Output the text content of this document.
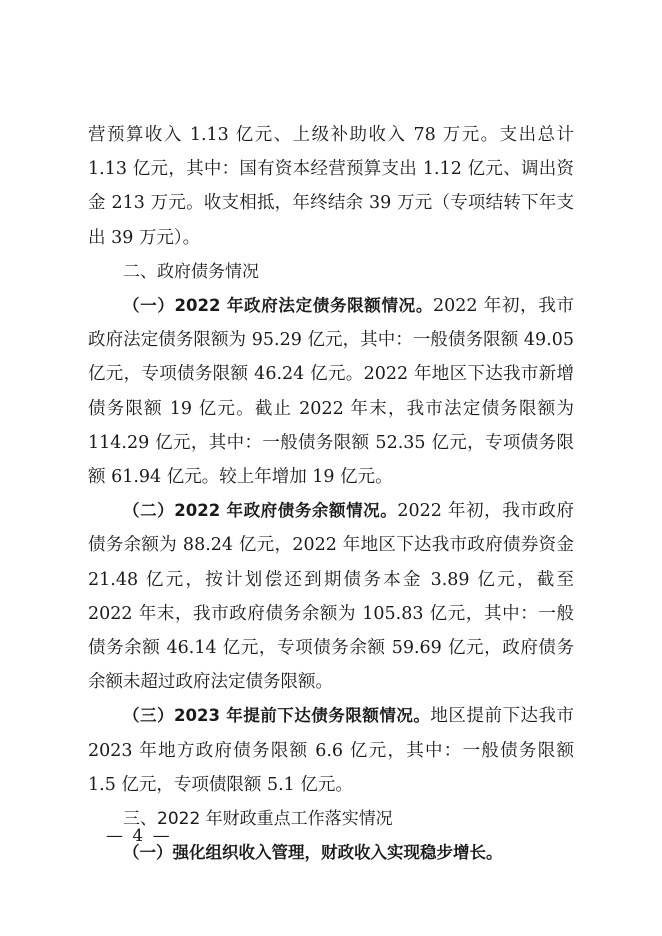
营预算收入 1.13 亿元、上级补助收入 78 万元。支出总计 1.13 亿元，其中：国有资本经营预算支出 1.12 亿元、调出资金 213 万元。收支相抵，年终结余 39 万元（专项结转下年支出 39 万元）。

二、政府债务情况

（一）2022 年政府法定债务限额情况。2022 年初，我市政府法定债务限额为 95.29 亿元，其中：一般债务限额 49.05 亿元，专项债务限额 46.24 亿元。2022 年地区下达我市新增债务限额 19 亿元。截止 2022 年末，我市法定债务限额为 114.29 亿元，其中：一般债务限额 52.35 亿元，专项债务限额 61.94 亿元。较上年增加 19 亿元。

（二）2022 年政府债务余额情况。2022 年初，我市政府债务余额为 88.24 亿元，2022 年地区下达我市政府债券资金 21.48 亿元，按计划偿还到期债务本金 3.89 亿元，截至 2022 年末，我市政府债务余额为 105.83 亿元，其中：一般债务余额 46.14 亿元，专项债务余额 59.69 亿元，政府债务余额未超过政府法定债务限额。

（三）2023 年提前下达债务限额情况。地区提前下达我市 2023 年地方政府债务限额 6.6 亿元，其中：一般债务限额 1.5 亿元，专项债限额 5.1 亿元。

三、2022 年财政重点工作落实情况

（一）强化组织收入管理，财政收入实现稳步增长。

— 4 —
